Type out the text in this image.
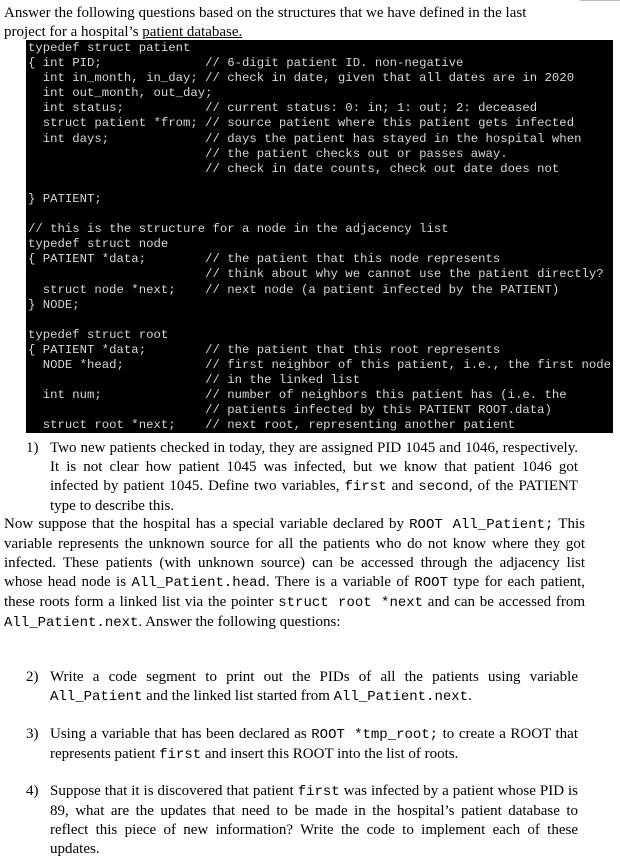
Answer the following questions based on the structures that we have defined in the last
project for a hospital’s patient database.
typedef struct patient
{ int PID;              // 6-digit patient ID. non-negative
int in_month, in_day; // check in date, given that all dates are in 2020
int out_month, out_day;
int status;           // current status: 0: in; 1: out; 2: deceased
struct patient *from; // source patient where this patient gets infected
int days;             // days the patient has stayed in the hospital when
// the patient checks out or passes away.
// check in date counts, check out date does not

} PATIENT;

// this is the structure for a node in the adjacency list
typedef struct node
{ PATIENT *data;        // the patient that this node represents
// think about why we cannot use the patient directly?
struct node *next;    // next node (a patient infected by the PATIENT)
} NODE;

typedef struct root
{ PATIENT *data;        // the patient that this root represents
NODE *head;           // first neighbor of this patient, i.e., the first node
// in the linked list
int num;              // number of neighbors this patient has (i.e. the
// patients infected by this PATIENT ROOT.data)
struct root *next;    // next root, representing another patient
1) Two new patients checked in today, they are assigned PID 1045 and 1046, respectively. It is not clear how patient 1045 was infected, but we know that patient 1046 got infected by patient 1045. Define two variables, first and second, of the PATIENT type to describe this.
Now suppose that the hospital has a special variable declared by ROOT All_Patient; This variable represents the unknown source for all the patients who do not know where they got infected. These patients (with unknown source) can be accessed through the adjacency list whose head node is All_Patient.head. There is a variable of ROOT type for each patient, these roots form a linked list via the pointer struct root *next and can be accessed from All_Patient.next. Answer the following questions:
2) Write a code segment to print out the PIDs of all the patients using variable All_Patient and the linked list started from All_Patient.next.
3) Using a variable that has been declared as ROOT *tmp_root; to create a ROOT that represents patient first and insert this ROOT into the list of roots.
4) Suppose that it is discovered that patient first was infected by a patient whose PID is 89, what are the updates that need to be made in the hospital’s patient database to reflect this piece of new information? Write the code to implement each of these updates.
